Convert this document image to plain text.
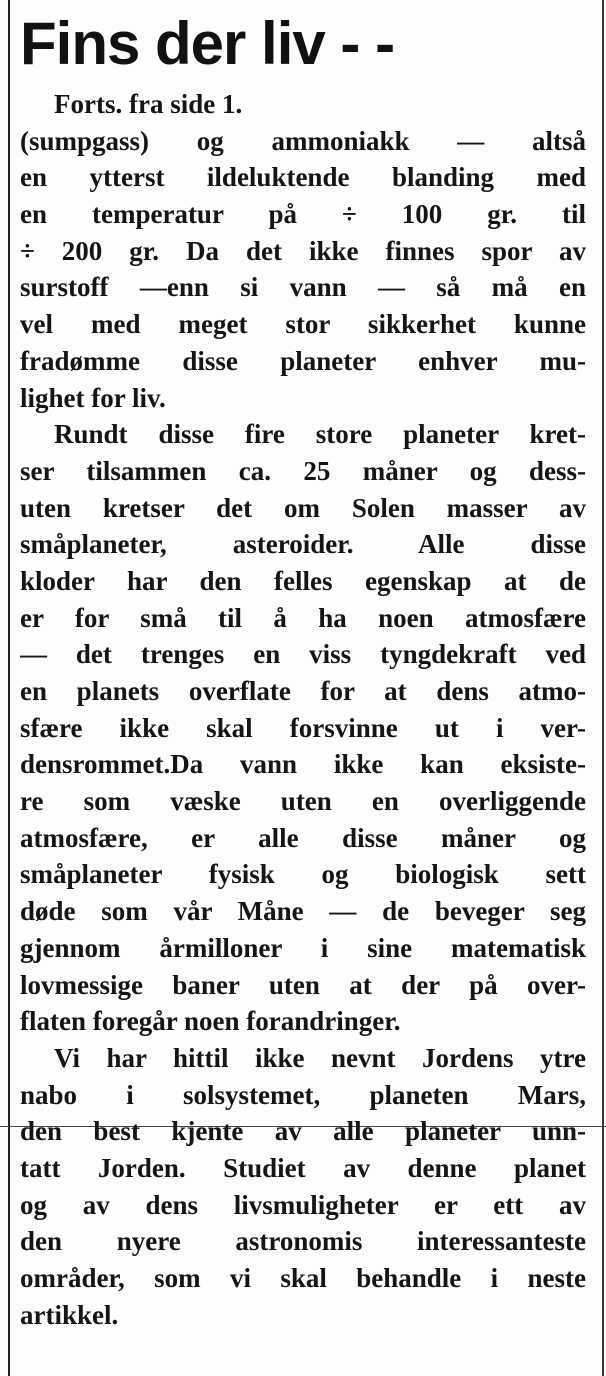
Fins der liv - -
Forts. fra side 1.
(sumpgass) og ammoniakk — altså
en ytterst ildeluktende blanding med
en temperatur på ÷ 100 gr. til
÷ 200 gr. Da det ikke finnes spor av
surstoff —enn si vann — så må en
vel med meget stor sikkerhet kunne
fradømme disse planeter enhver mu-
lighet for liv.
Rundt disse fire store planeter kret-
ser tilsammen ca. 25 måner og dess-
uten kretser det om Solen masser av
småplaneter, asteroider. Alle disse
kloder har den felles egenskap at de
er for små til å ha noen atmosfære
— det trenges en viss tyngdekraft ved
en planets overflate for at dens atmo-
sfære ikke skal forsvinne ut i ver-
densrommet.Da vann ikke kan eksiste-
re som væske uten en overliggende
atmosfære, er alle disse måner og
småplaneter fysisk og biologisk sett
døde som vår Måne — de beveger seg
gjennom årmilloner i sine matematisk
lovmessige baner uten at der på over-
flaten foregår noen forandringer.
Vi har hittil ikke nevnt Jordens ytre
nabo i solsystemet, planeten Mars,
den best kjente av alle planeter unn-
tatt Jorden. Studiet av denne planet
og av dens livsmuligheter er ett av
den nyere astronomis interessanteste
områder, som vi skal behandle i neste
artikkel.
